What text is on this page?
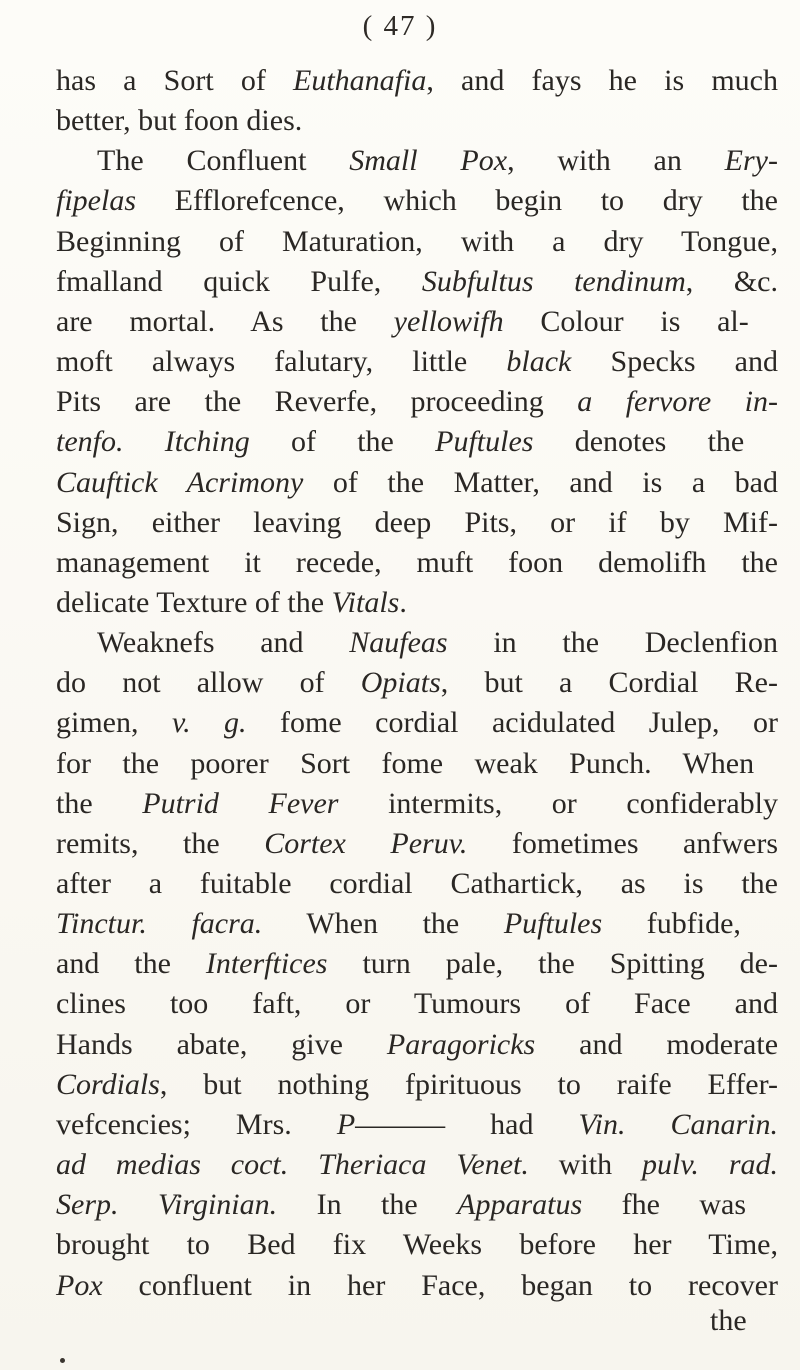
( 47 )
has a Sort of Euthanafia, and fays he is much
better, but foon dies.
The Confluent Small Pox, with an Ery-
fipelas Efflorefcence, which begin to dry the
Beginning of Maturation, with a dry Tongue,
fmalland quick Pulfe, Subfultus tendinum, &c.
are mortal. As the yellowifh Colour is al-
moft always falutary, little black Specks and
Pits are the Reverfe, proceeding a fervore in-
tenfo. Itching of the Puftules denotes the
Cauftick Acrimony of the Matter, and is a bad
Sign, either leaving deep Pits, or if by Mif-
management it recede, muft foon demolifh the
delicate Texture of the Vitals.
Weaknefs and Naufeas in the Declenfion
do not allow of Opiats, but a Cordial Re-
gimen, v. g. fome cordial acidulated Julep, or
for the poorer Sort fome weak Punch. When
the Putrid Fever intermits, or confiderably
remits, the Cortex Peruv. fometimes anfwers
after a fuitable cordial Cathartick, as is the
Tinctur. facra. When the Puftules fubfide,
and the Interftices turn pale, the Spitting de-
clines too faft, or Tumours of Face and
Hands abate, give Paragoricks and moderate
Cordials, but nothing fpirituous to raife Effer-
vefcencies; Mrs. P——— had Vin. Canarin.
ad medias coct. Theriaca Venet. with pulv. rad.
Serp. Virginian. In the Apparatus fhe was
brought to Bed fix Weeks before her Time,
Pox confluent in her Face, began to recover
the
